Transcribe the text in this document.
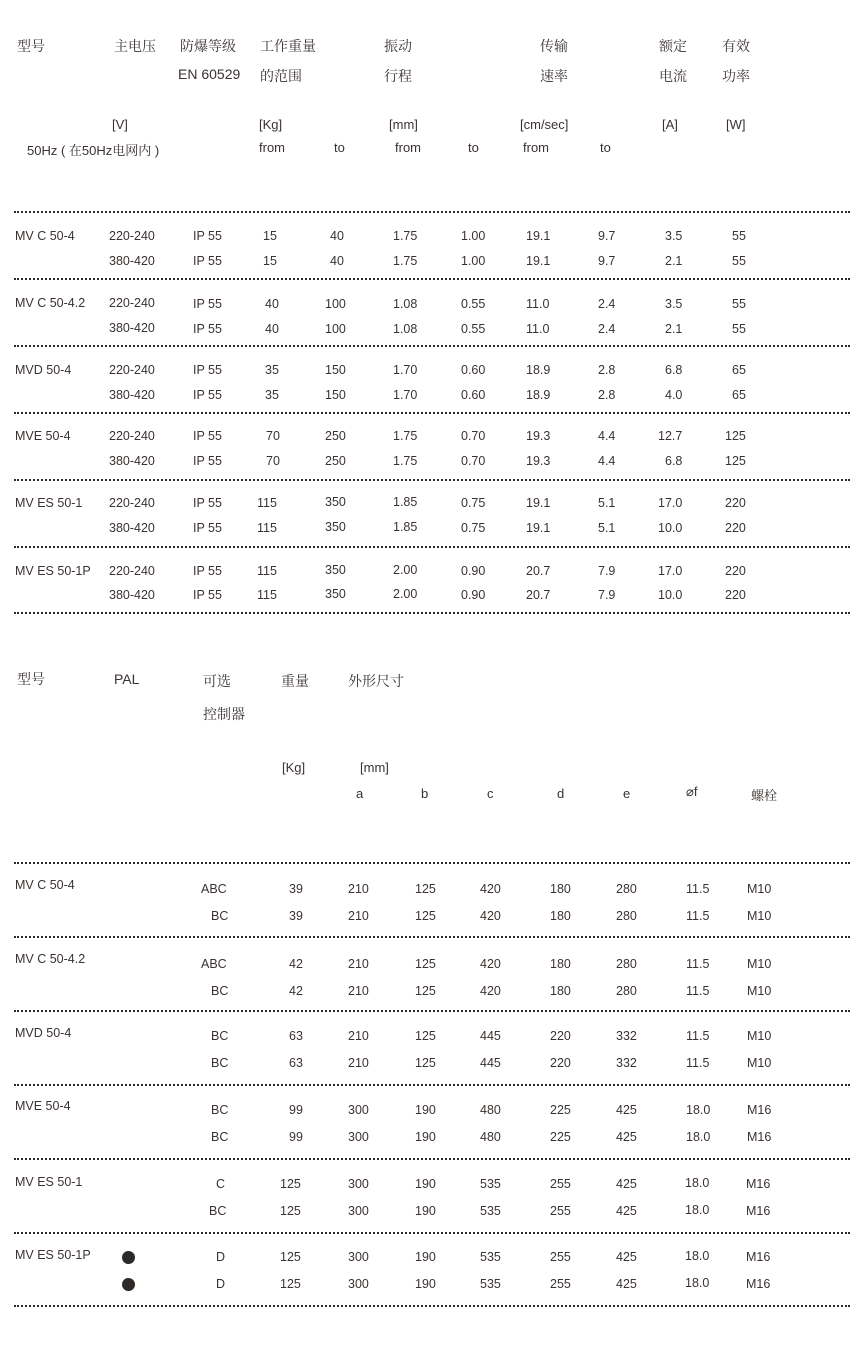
型号	主电压 防爆等级
EN 60529
工作重量
的范围
振动
行程
传输
速率
额定
电流
有效
功率
[V]
50Hz ( 在50Hz电网内 )
[Kg]
from	to
[mm]
from	to
[cm/sec]
from	to
[A]	[W]
MV C 50-4	220-240	IP 55	15	40	1.75	1.00	19.1	9.7	3.5	55
380-420	IP 55	15	40	1.75	1.00	19.1	9.7	2.1	55
MV C 50-4.2 220-240	IP 55	40	100	1.08	0.55	11.0	2.4	3.5	55
380-420	IP 55	40	100	1.08	0.55	11.0	2.4	2.1	55
MVD 50-4	220-240	IP 55	35	150	1.70	0.60	18.9	2.8	6.8	65
380-420	IP 55	35	150	1.70	0.60	18.9	2.8	4.0	65
MVE 50-4	220-240	IP 55	70	250	1.75	0.70	19.3	4.4	12.7	125
380-420	IP 55	70	250	1.75	0.70	19.3	4.4	6.8	125
MV ES 50-1 220-240	IP 55	115	350	1.85	0.75	19.1	5.1	17.0	220
380-420	IP 55	115	350	1.85	0.75	19.1	5.1	10.0	220
MV ES 50-1P 220-240	IP 55	115	350	2.00	0.90	20.7	7.9	17.0	220
380-420	IP 55	115	350	2.00	0.90	20.7	7.9	10.0	220
型号	PAL	可选
控制器
重量	外形尺寸
[Kg]	[mm]
a	b	c	d	e	⌀f	螺栓
MV C 50-4	ABC	39	210	125	420	180	280	11.5	M10
BC	39	210	125	420	180	280	11.5	M10
MV C 50-4.2	ABC	42	210	125	420	180	280	11.5	M10
BC	42	210	125	420	180	280	11.5	M10
MVD 50-4	BC	63	210	125	445	220	332	11.5	M10
BC	63	210	125	445	220	332	11.5	M10
MVE 50-4	BC	99	300	190	480	225	425	18.0	M16
BC	99	300	190	480	225	425	18.0	M16
MV ES 50-1	C	125	300	190	535	255	425	18.0	M16
BC	125	300	190	535	255	425	18.0	M16
MV ES 50-1P	D	125	300	190	535	255	425	18.0	M16
D	125	300	190	535	255	425	18.0	M16
